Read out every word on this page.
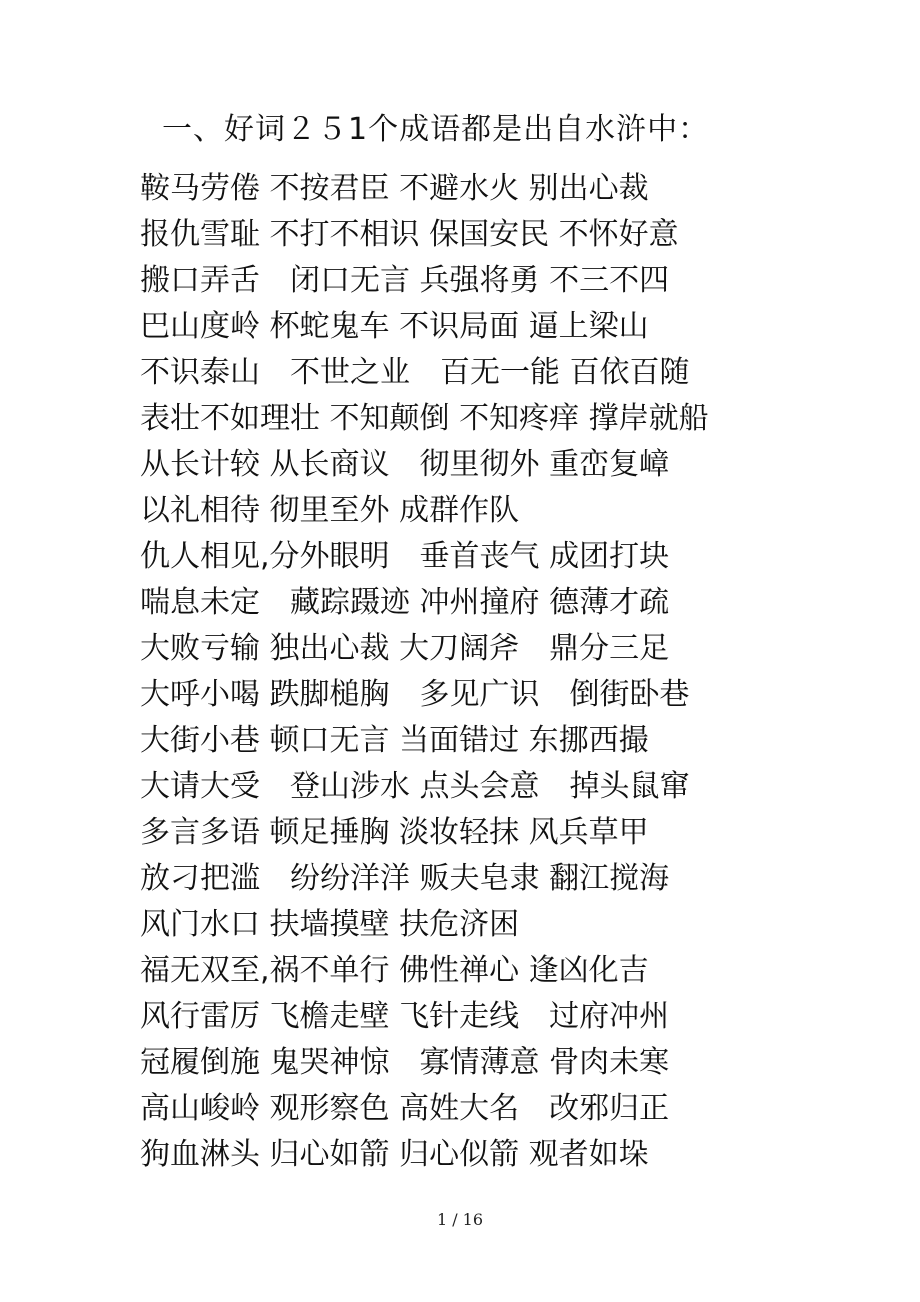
一、好词２５1个成语都是出自水浒中：
鞍马劳倦 不按君臣 不避水火 别出心裁
报仇雪耻 不打不相识 保国安民 不怀好意
搬口弄舌　闭口无言 兵强将勇 不三不四
巴山度岭 杯蛇鬼车 不识局面 逼上梁山
不识泰山　不世之业　百无一能 百依百随
表壮不如理壮 不知颠倒 不知疼痒 撑岸就船
从长计较 从长商议　彻里彻外 重峦复嶂
以礼相待 彻里至外 成群作队
仇人相见,分外眼明　垂首丧气 成团打块
喘息未定　藏踪蹑迹 冲州撞府 德薄才疏
大败亏输 独出心裁 大刀阔斧　鼎分三足
大呼小喝 跌脚槌胸　多见广识　倒街卧巷
大街小巷 顿口无言 当面错过 东挪西撮
大请大受　登山涉水 点头会意　掉头鼠窜
多言多语 顿足捶胸 淡妆轻抹 风兵草甲
放刁把滥　纷纷洋洋 贩夫皂隶 翻江搅海
风门水口 扶墙摸壁 扶危济困
福无双至,祸不单行 佛性禅心 逢凶化吉
风行雷厉 飞檐走壁 飞针走线　过府冲州
冠履倒施 鬼哭神惊　寡情薄意 骨肉未寒
高山峻岭 观形察色 高姓大名　改邪归正
狗血淋头 归心如箭 归心似箭 观者如垛
1 / 16
